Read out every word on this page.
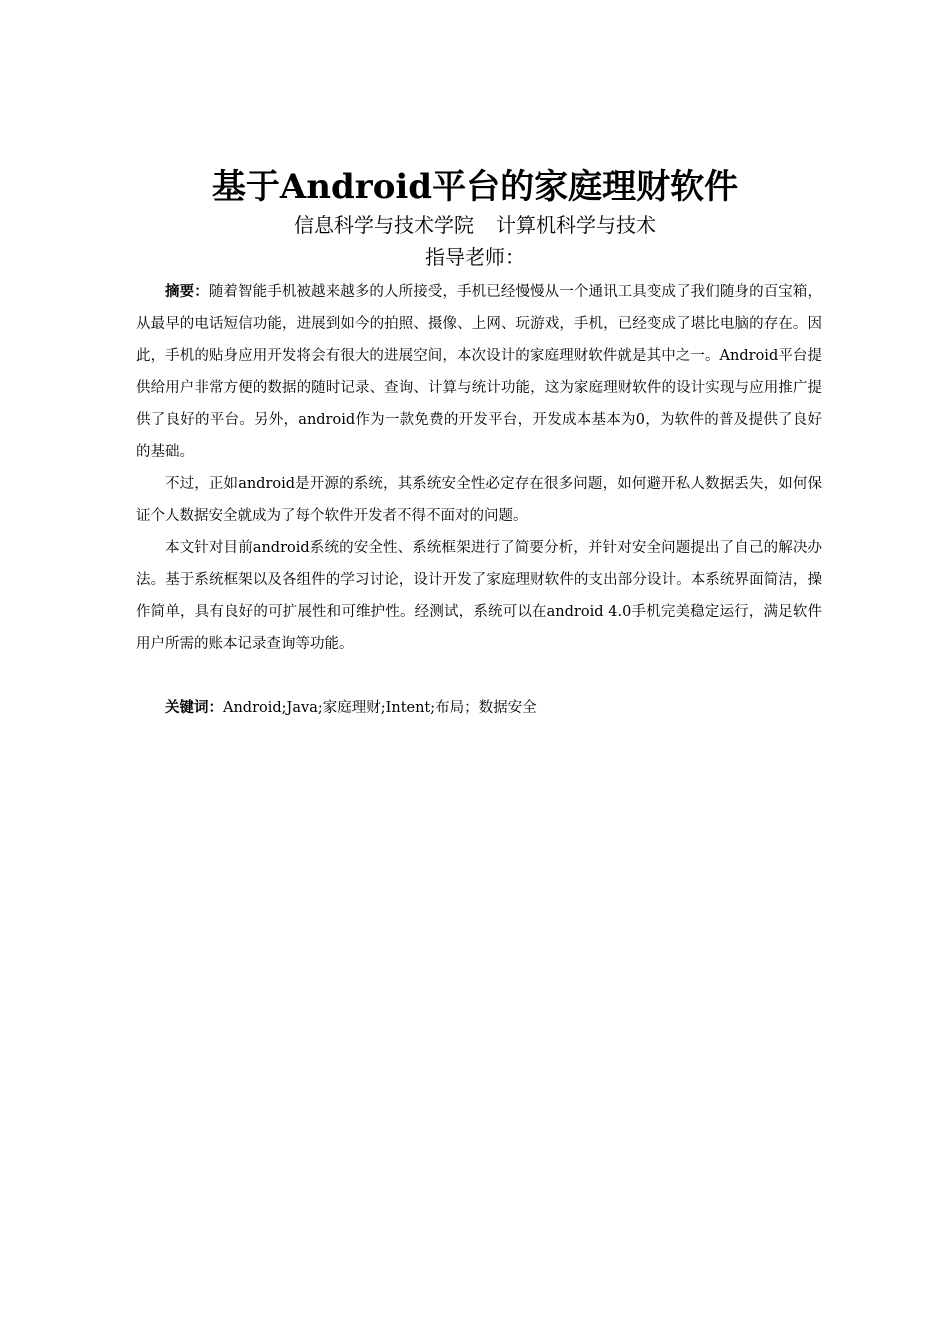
基于Android平台的家庭理财软件
信息科学与技术学院 计算机科学与技术
指导老师：

摘要：随着智能手机被越来越多的人所接受，手机已经慢慢从一个通讯工具变成了我们随身的百宝箱，从最早的电话短信功能，进展到如今的拍照、摄像、上网、玩游戏，手机，已经变成了堪比电脑的存在。因此，手机的贴身应用开发将会有很大的进展空间，本次设计的家庭理财软件就是其中之一。Android平台提供给用户非常方便的数据的随时记录、查询、计算与统计功能，这为家庭理财软件的设计实现与应用推广提供了良好的平台。另外，android作为一款免费的开发平台，开发成本基本为0，为软件的普及提供了良好的基础。

不过，正如android是开源的系统，其系统安全性必定存在很多问题，如何避开私人数据丢失，如何保证个人数据安全就成为了每个软件开发者不得不面对的问题。

本文针对目前android系统的安全性、系统框架进行了简要分析，并针对安全问题提出了自己的解决办法。基于系统框架以及各组件的学习讨论，设计开发了家庭理财软件的支出部分设计。本系统界面简洁，操作简单，具有良好的可扩展性和可维护性。经测试，系统可以在android 4.0手机完美稳定运行，满足软件用户所需的账本记录查询等功能。

关键词：Android;Java;家庭理财;Intent;布局；数据安全
